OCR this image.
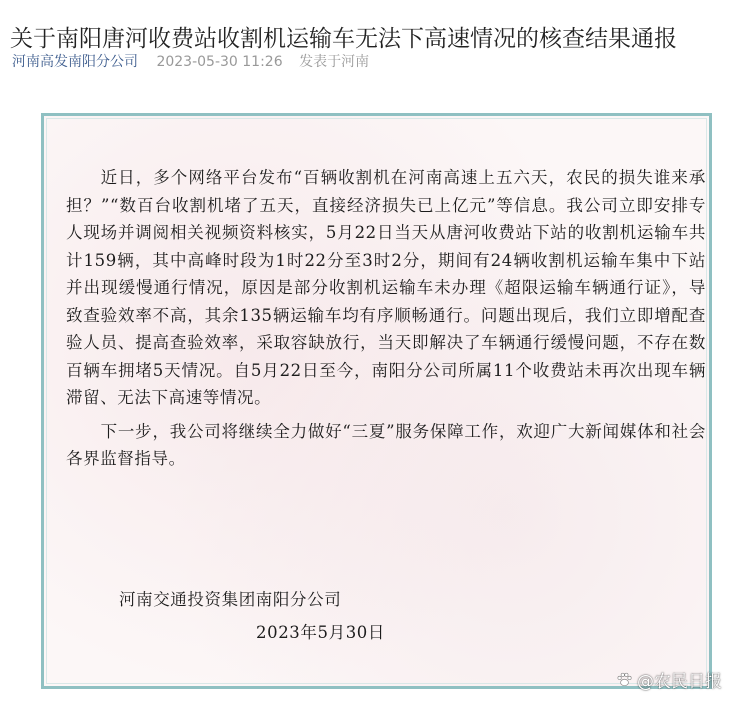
关于南阳唐河收费站收割机运输车无法下高速情况的核查结果通报
河南高发南阳分公司 2023-05-30 11:26 发表于河南

近日，多个网络平台发布“百辆收割机在河南高速上五六天，农民的损失谁来承担？”“数百台收割机堵了五天，直接经济损失已上亿元”等信息。我公司立即安排专人现场并调阅相关视频资料核实，5月22日当天从唐河收费站下站的收割机运输车共计159辆，其中高峰时段为1时22分至3时2分，期间有24辆收割机运输车集中下站并出现缓慢通行情况，原因是部分收割机运输车未办理《超限运输车辆通行证》，导致查验效率不高，其余135辆运输车均有序顺畅通行。问题出现后，我们立即增配查验人员、提高查验效率，采取容缺放行，当天即解决了车辆通行缓慢问题，不存在数百辆车拥堵5天情况。自5月22日至今，南阳分公司所属11个收费站未再次出现车辆滞留、无法下高速等情况。

下一步，我公司将继续全力做好“三夏”服务保障工作，欢迎广大新闻媒体和社会各界监督指导。

河南交通投资集团南阳分公司
2023年5月30日
@农民日报
